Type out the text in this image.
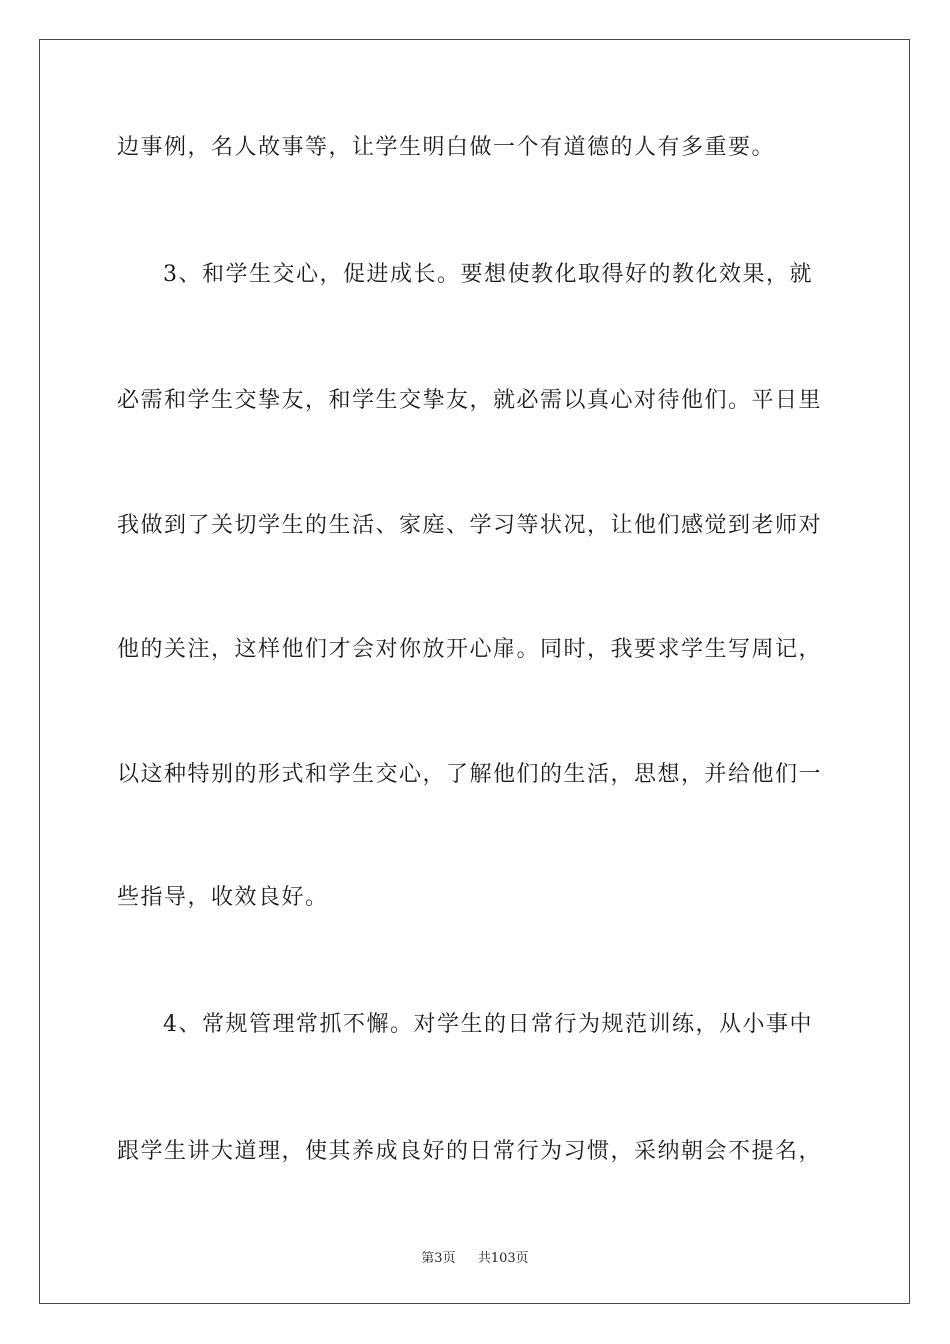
边事例，名人故事等，让学生明白做一个有道德的人有多重要。
3、和学生交心，促进成长。要想使教化取得好的教化效果，就
必需和学生交挚友，和学生交挚友，就必需以真心对待他们。平日里
我做到了关切学生的生活、家庭、学习等状况，让他们感觉到老师对
他的关注，这样他们才会对你放开心扉。同时，我要求学生写周记，
以这种特别的形式和学生交心，了解他们的生活，思想，并给他们一
些指导，收效良好。
4、常规管理常抓不懈。对学生的日常行为规范训练，从小事中
跟学生讲大道理，使其养成良好的日常行为习惯，采纳朝会不提名，
第3页 共103页
